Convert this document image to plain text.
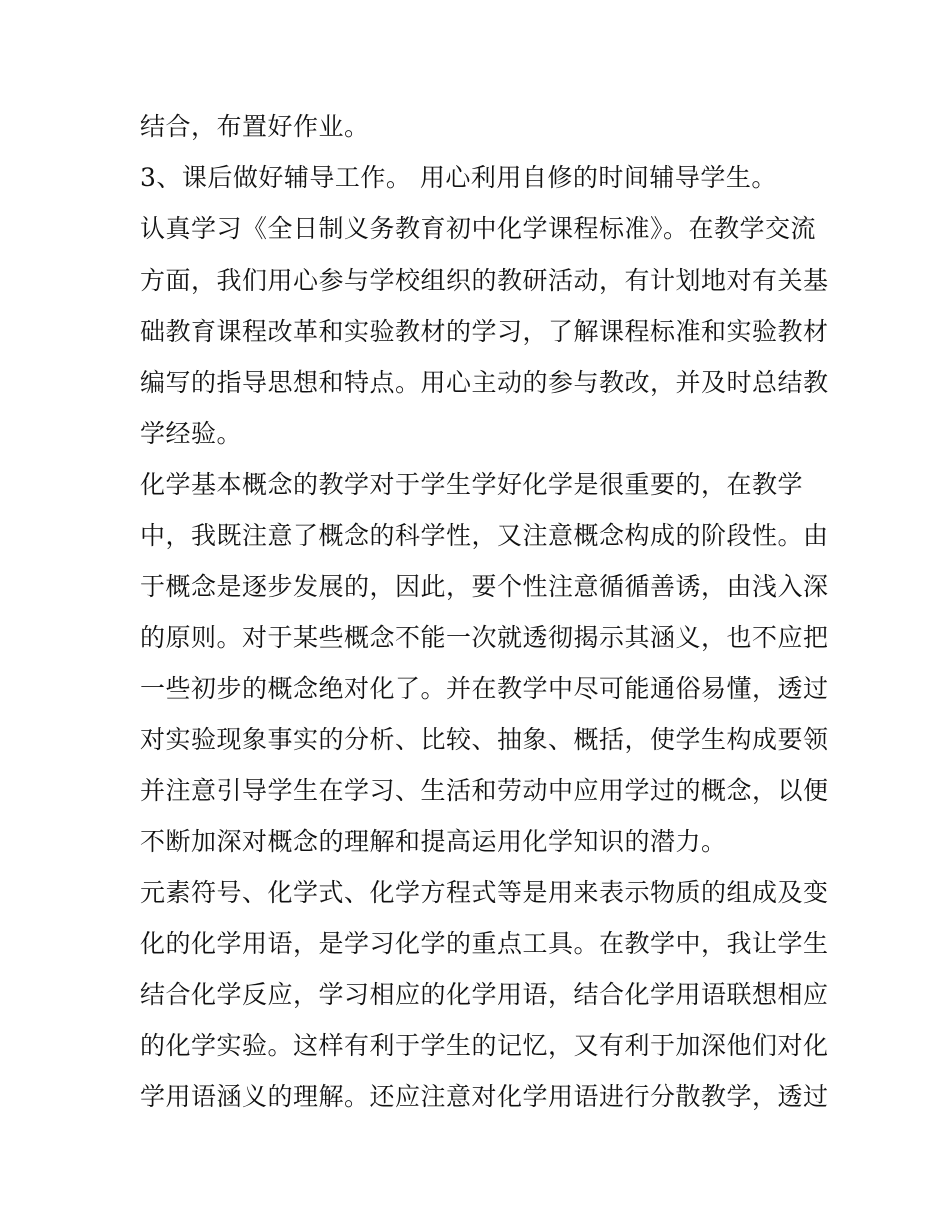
结合，布置好作业。
3、课后做好辅导工作。 用心利用自修的时间辅导学生。
认真学习《全日制义务教育初中化学课程标准》。在教学交流
方面，我们用心参与学校组织的教研活动，有计划地对有关基
础教育课程改革和实验教材的学习，了解课程标准和实验教材
编写的指导思想和特点。用心主动的参与教改，并及时总结教
学经验。
化学基本概念的教学对于学生学好化学是很重要的，在教学
中，我既注意了概念的科学性，又注意概念构成的阶段性。由
于概念是逐步发展的，因此，要个性注意循循善诱，由浅入深
的原则。对于某些概念不能一次就透彻揭示其涵义，也不应把
一些初步的概念绝对化了。并在教学中尽可能通俗易懂，透过
对实验现象事实的分析、比较、抽象、概括，使学生构成要领
并注意引导学生在学习、生活和劳动中应用学过的概念，以便
不断加深对概念的理解和提高运用化学知识的潜力。
元素符号、化学式、化学方程式等是用来表示物质的组成及变
化的化学用语，是学习化学的重点工具。在教学中，我让学生
结合化学反应，学习相应的化学用语，结合化学用语联想相应
的化学实验。这样有利于学生的记忆，又有利于加深他们对化
学用语涵义的理解。还应注意对化学用语进行分散教学，透过
